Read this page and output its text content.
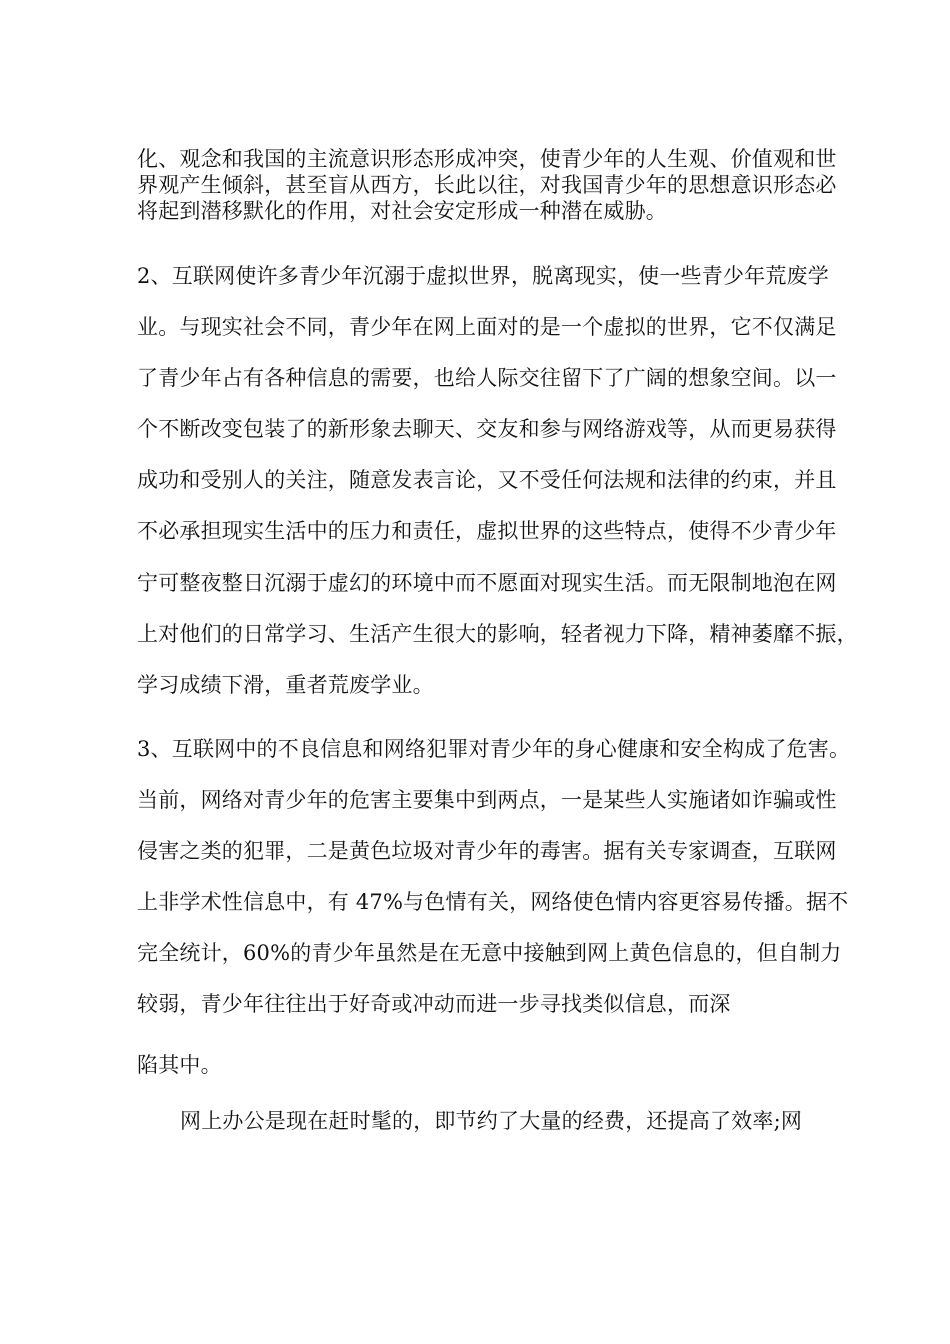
化、观念和我国的主流意识形态形成冲突，使青少年的人生观、价值观和世
界观产生倾斜，甚至盲从西方，长此以往，对我国青少年的思想意识形态必
将起到潜移默化的作用，对社会安定形成一种潜在威胁。
2、互联网使许多青少年沉溺于虚拟世界，脱离现实，使一些青少年荒废学
业。与现实社会不同，青少年在网上面对的是一个虚拟的世界，它不仅满足
了青少年占有各种信息的需要，也给人际交往留下了广阔的想象空间。以一
个不断改变包装了的新形象去聊天、交友和参与网络游戏等，从而更易获得
成功和受别人的关注，随意发表言论，又不受任何法规和法律的约束，并且
不必承担现实生活中的压力和责任，虚拟世界的这些特点，使得不少青少年
宁可整夜整日沉溺于虚幻的环境中而不愿面对现实生活。而无限制地泡在网
上对他们的日常学习、生活产生很大的影响，轻者视力下降，精神萎靡不振，
学习成绩下滑，重者荒废学业。
3、互联网中的不良信息和网络犯罪对青少年的身心健康和安全构成了危害。
当前，网络对青少年的危害主要集中到两点，一是某些人实施诸如诈骗或性
侵害之类的犯罪，二是黄色垃圾对青少年的毒害。据有关专家调查，互联网
上非学术性信息中，有 47%与色情有关，网络使色情内容更容易传播。据不
完全统计，60%的青少年虽然是在无意中接触到网上黄色信息的，但自制力
较弱，青少年往往出于好奇或冲动而进一步寻找类似信息，而深
陷其中。
网上办公是现在赶时髦的，即节约了大量的经费，还提高了效率;网
